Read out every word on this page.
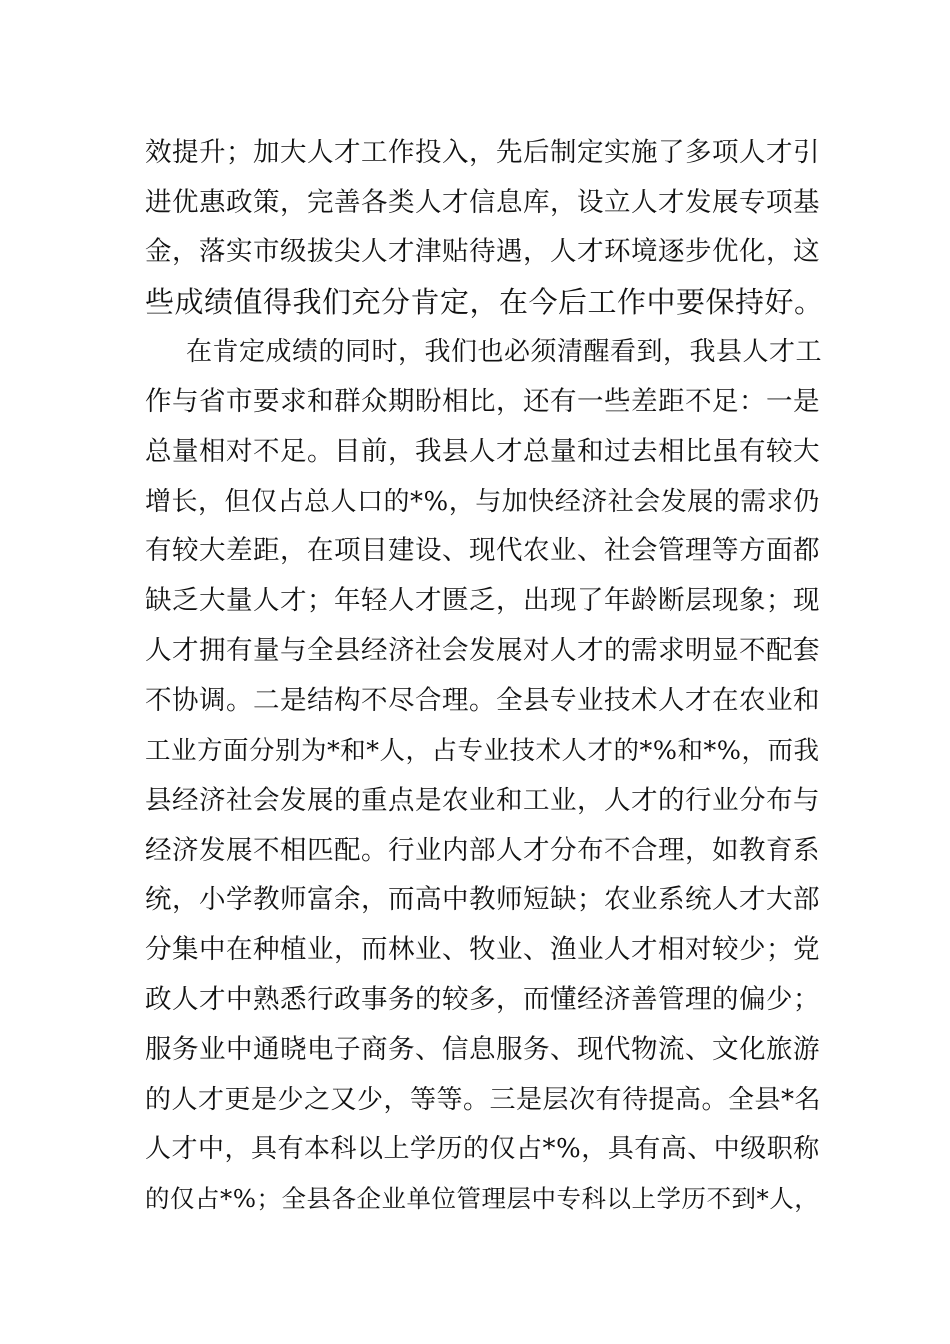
效提升；加大人才工作投入，先后制定实施了多项人才引
进优惠政策，完善各类人才信息库，设立人才发展专项基
金，落实市级拔尖人才津贴待遇，人才环境逐步优化，这
些成绩值得我们充分肯定，在今后工作中要保持好。
在肯定成绩的同时，我们也必须清醒看到，我县人才工
作与省市要求和群众期盼相比，还有一些差距不足：一是
总量相对不足。目前，我县人才总量和过去相比虽有较大
增长，但仅占总人口的*%，与加快经济社会发展的需求仍
有较大差距，在项目建设、现代农业、社会管理等方面都
缺乏大量人才；年轻人才匮乏，出现了年龄断层现象；现
人才拥有量与全县经济社会发展对人才的需求明显不配套
不协调。二是结构不尽合理。全县专业技术人才在农业和
工业方面分别为*和*人，占专业技术人才的*%和*%，而我
县经济社会发展的重点是农业和工业，人才的行业分布与
经济发展不相匹配。行业内部人才分布不合理，如教育系
统，小学教师富余，而高中教师短缺；农业系统人才大部
分集中在种植业，而林业、牧业、渔业人才相对较少；党
政人才中熟悉行政事务的较多，而懂经济善管理的偏少；
服务业中通晓电子商务、信息服务、现代物流、文化旅游
的人才更是少之又少，等等。三是层次有待提高。全县*名
人才中，具有本科以上学历的仅占*%，具有高、中级职称
的仅占*%；全县各企业单位管理层中专科以上学历不到*人，
